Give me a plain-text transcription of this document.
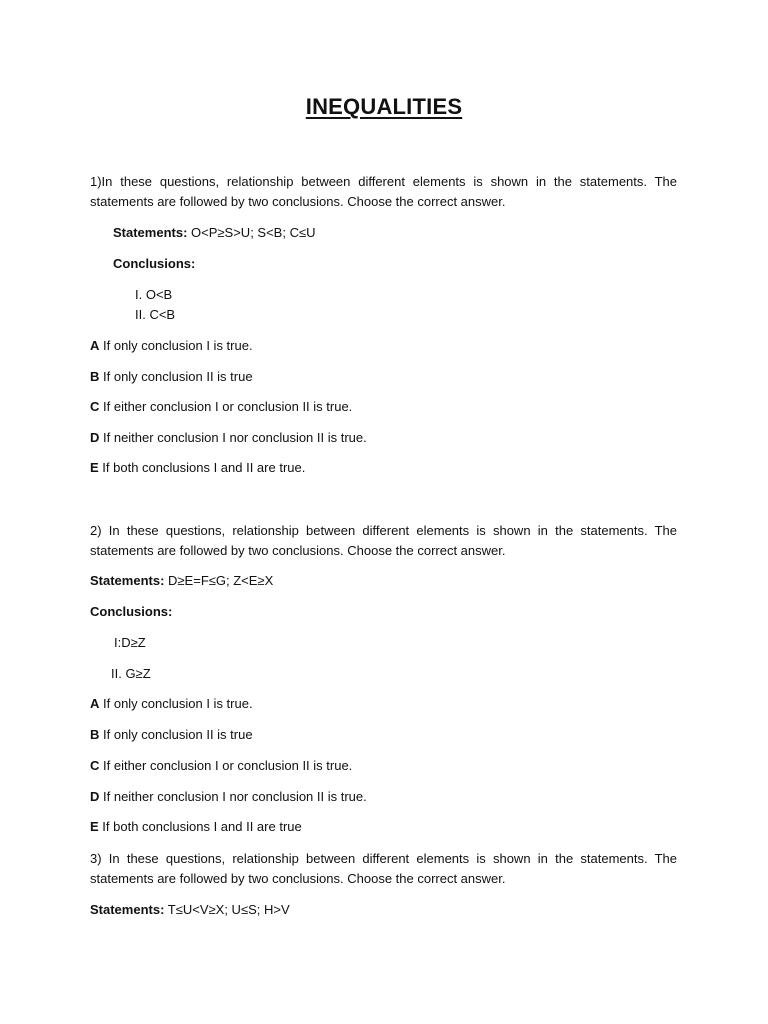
INEQUALITIES
1)In these questions, relationship between different elements is shown in the statements. The statements are followed by two conclusions. Choose the correct answer.
Statements: O<P≥S>U; S<B; C≤U
Conclusions:
I. O<B
II. C<B
A If only conclusion I is true.
B If only conclusion II is true
C If either conclusion I or conclusion II is true.
D If neither conclusion I nor conclusion II is true.
E If both conclusions I and II are true.
2) In these questions, relationship between different elements is shown in the statements. The statements are followed by two conclusions. Choose the correct answer.
Statements: D≥E=F≤G; Z<E≥X
Conclusions:
I:D≥Z
II. G≥Z
A If only conclusion I is true.
B If only conclusion II is true
C If either conclusion I or conclusion II is true.
D If neither conclusion I nor conclusion II is true.
E If both conclusions I and II are true
3) In these questions, relationship between different elements is shown in the statements. The statements are followed by two conclusions. Choose the correct answer.
Statements: T≤U<V≥X; U≤S; H>V
